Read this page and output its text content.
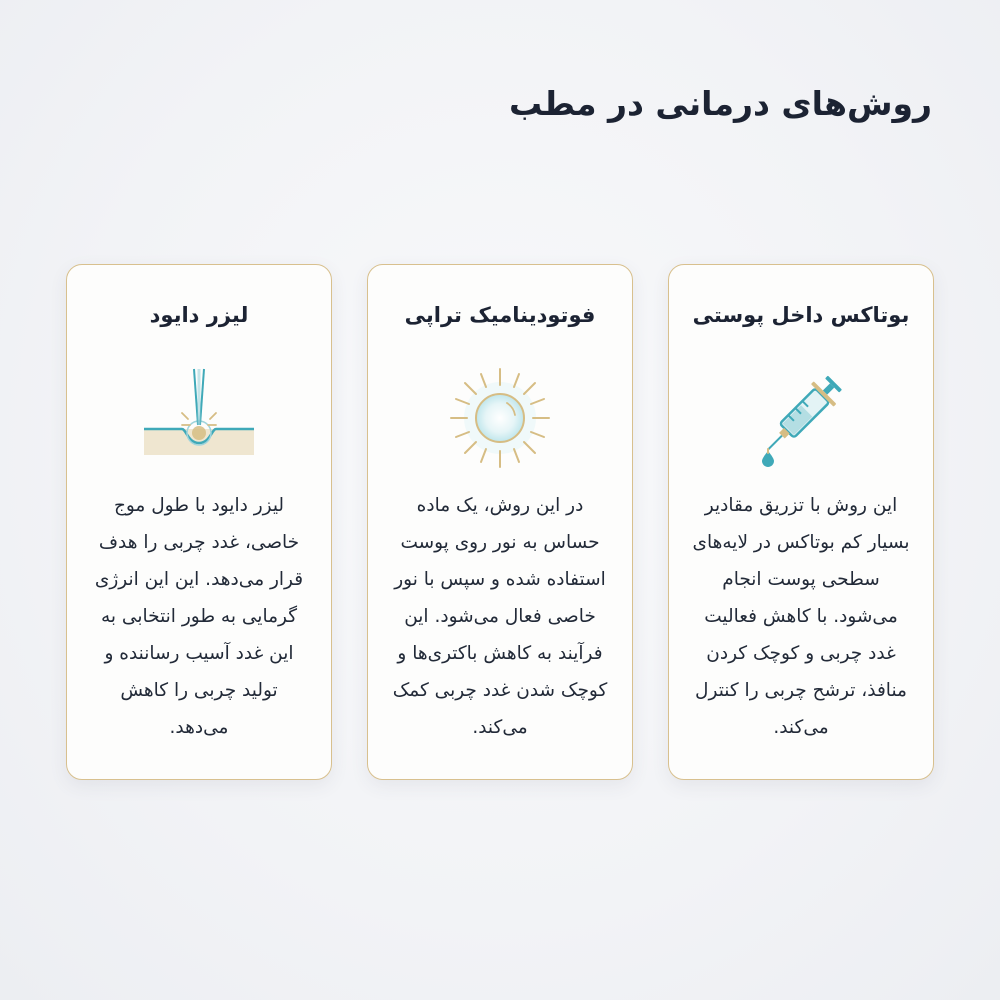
روش‌های درمانی در مطب
بوتاکس داخل پوستی

این روش با تزریق مقادیر بسیار کم بوتاکس در لایه‌های سطحی پوست انجام می‌شود. با کاهش فعالیت غدد چربی و کوچک کردن منافذ، ترشح چربی را کنترل می‌کند.

فوتودینامیک تراپی

در این روش، یک ماده حساس به نور روی پوست استفاده شده و سپس با نور خاصی فعال می‌شود. این فرآیند به کاهش باکتری‌ها و کوچک شدن غدد چربی کمک می‌کند.

لیزر دایود

لیزر دایود با طول موج خاصی، غدد چربی را هدف قرار می‌دهد. این این انرژی گرمایی به طور انتخابی به این غدد آسیب رساننده و تولید چربی را کاهش می‌دهد.
